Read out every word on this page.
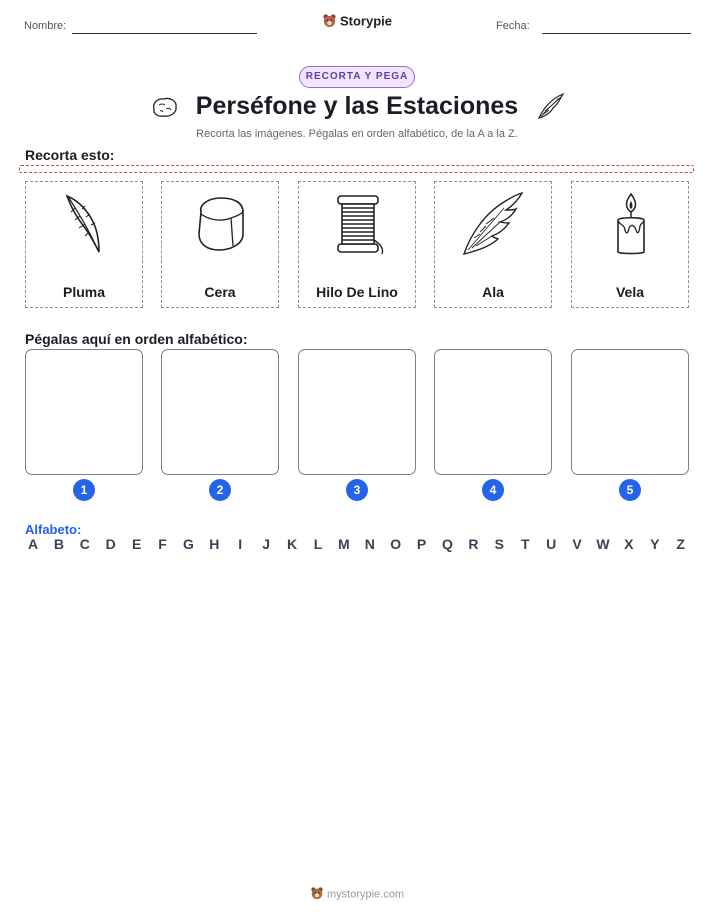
Nombre:	Storypie	Fecha:
RECORTA Y PEGA
Perséfone y las Estaciones
Recorta las imágenes. Pégalas en orden alfabético, de la A a la Z.
Recorta esto:
Pluma	Cera	Hilo De Lino	Ala	Vela
Pégalas aquí en orden alfabético:
1	2	3	4	5
Alfabeto:
A B C D E F G H	I	J K L M N O P Q R S T U V W X Y Z
mystorypie.com
